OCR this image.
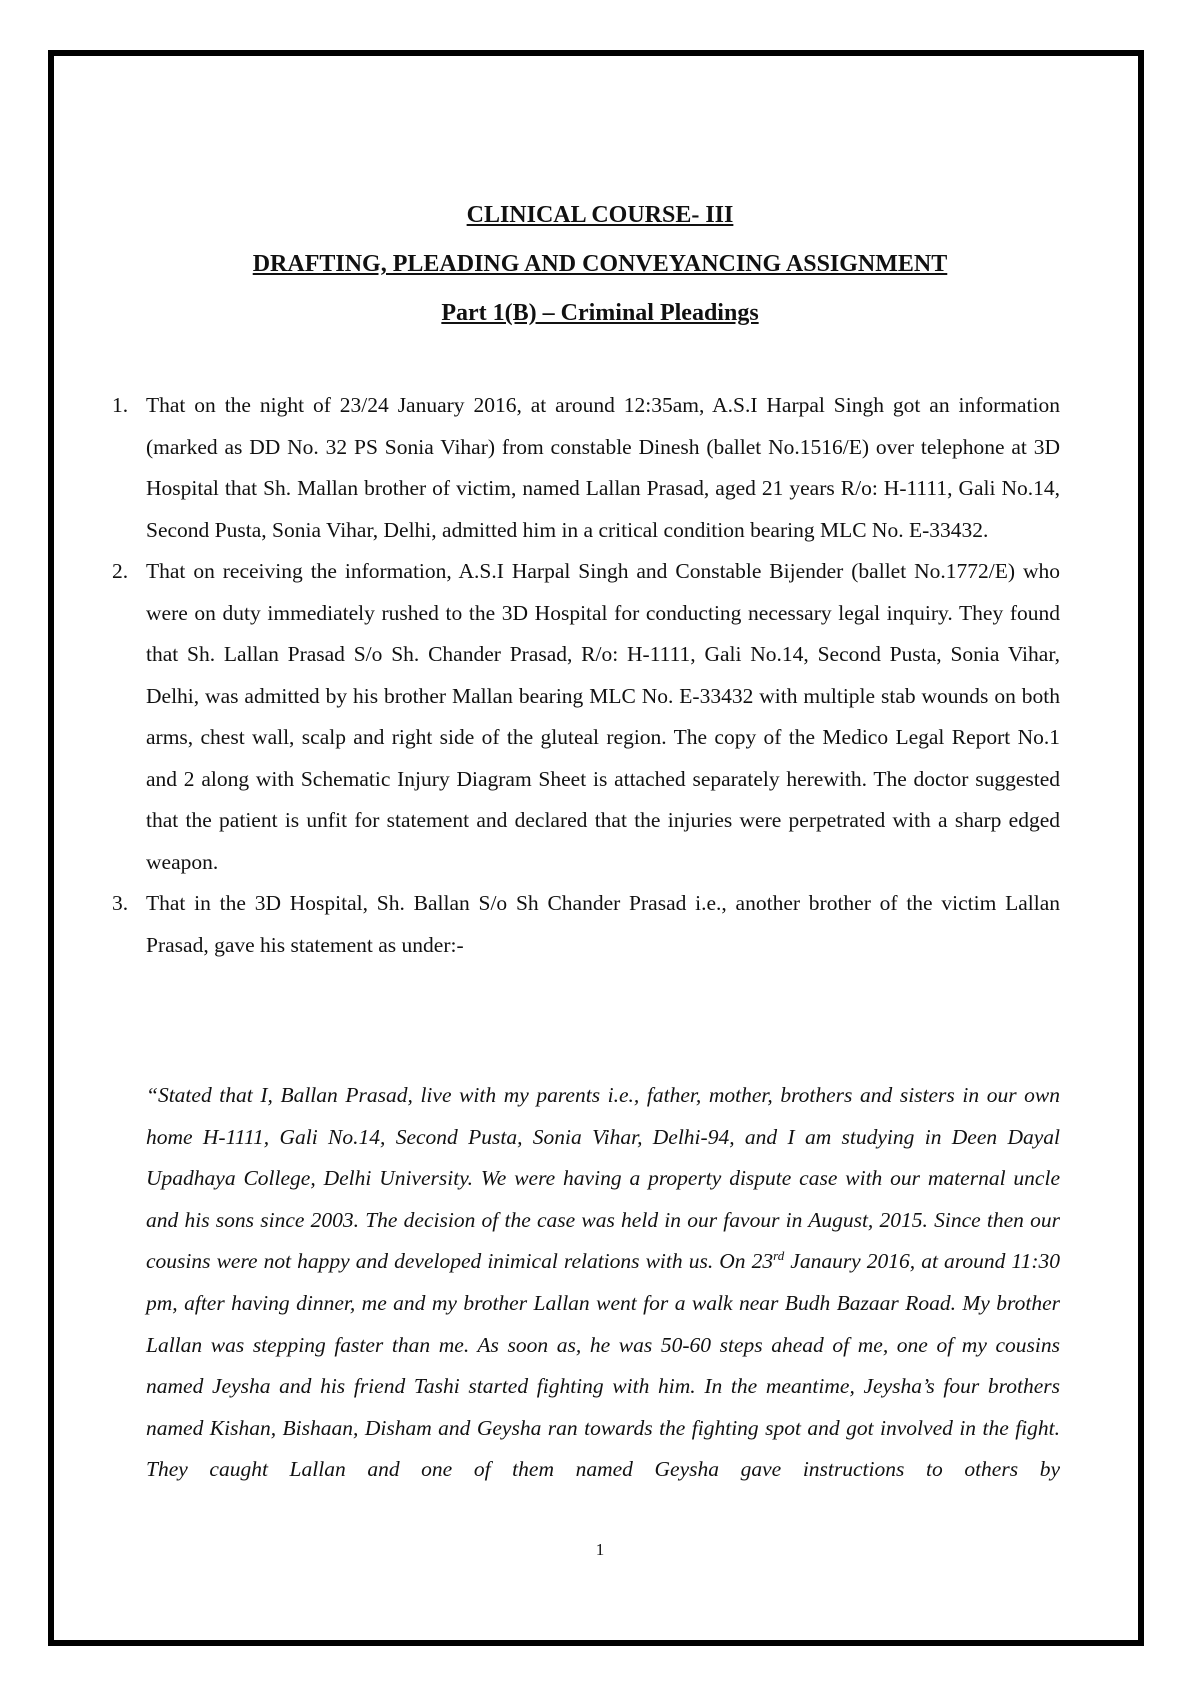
CLINICAL COURSE- III
DRAFTING, PLEADING AND CONVEYANCING ASSIGNMENT
Part 1(B) – Criminal Pleadings
1. That on the night of 23/24 January 2016, at around 12:35am, A.S.I Harpal Singh got an information (marked as DD No. 32 PS Sonia Vihar) from constable Dinesh (ballet No.1516/E) over telephone at 3D Hospital that Sh. Mallan brother of victim, named Lallan Prasad, aged 21 years R/o: H-1111, Gali No.14, Second Pusta, Sonia Vihar, Delhi, admitted him in a critical condition bearing MLC No. E-33432.
2. That on receiving the information, A.S.I Harpal Singh and Constable Bijender (ballet No.1772/E) who were on duty immediately rushed to the 3D Hospital for conducting necessary legal inquiry. They found that Sh. Lallan Prasad S/o Sh. Chander Prasad, R/o: H-1111, Gali No.14, Second Pusta, Sonia Vihar, Delhi, was admitted by his brother Mallan bearing MLC No. E-33432 with multiple stab wounds on both arms, chest wall, scalp and right side of the gluteal region. The copy of the Medico Legal Report No.1 and 2 along with Schematic Injury Diagram Sheet is attached separately herewith. The doctor suggested that the patient is unfit for statement and declared that the injuries were perpetrated with a sharp edged weapon.
3. That in the 3D Hospital, Sh. Ballan S/o Sh Chander Prasad i.e., another brother of the victim Lallan Prasad, gave his statement as under:-

“Stated that I, Ballan Prasad, live with my parents i.e., father, mother, brothers and sisters in our own home H-1111, Gali No.14, Second Pusta, Sonia Vihar, Delhi-94, and I am studying in Deen Dayal Upadhaya College, Delhi University. We were having a property dispute case with our maternal uncle and his sons since 2003. The decision of the case was held in our favour in August, 2015. Since then our cousins were not happy and developed inimical relations with us. On 23rd Janaury 2016, at around 11:30 pm, after having dinner, me and my brother Lallan went for a walk near Budh Bazaar Road. My brother Lallan was stepping faster than me. As soon as, he was 50-60 steps ahead of me, one of my cousins named Jeysha and his friend Tashi started fighting with him. In the meantime, Jeysha’s four brothers named Kishan, Bishaan, Disham and Geysha ran towards the fighting spot and got involved in the fight. They caught Lallan and one of them named Geysha gave instructions to others by

1
